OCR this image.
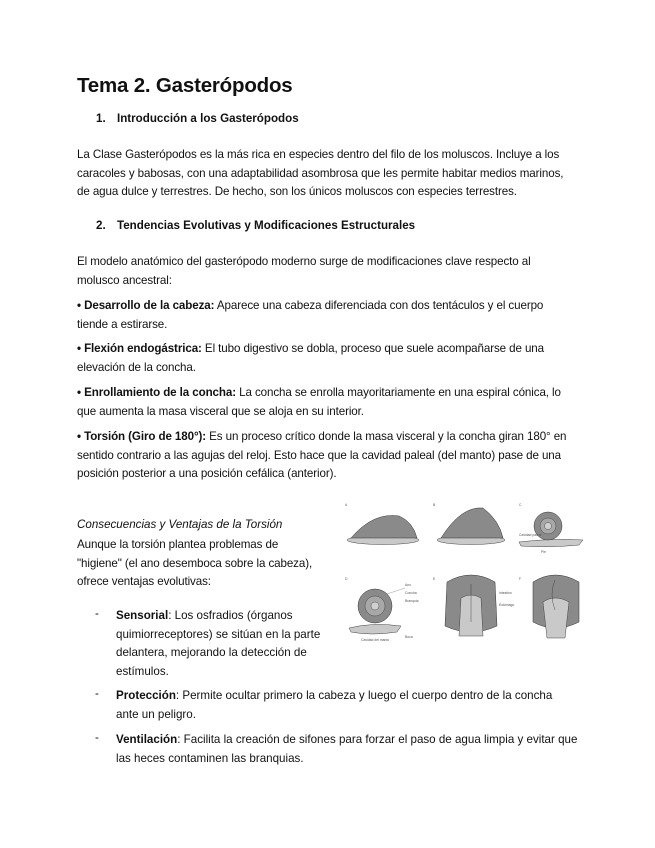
Tema 2. Gasterópodos
1. Introducción a los Gasterópodos
La Clase Gasterópodos es la más rica en especies dentro del filo de los moluscos. Incluye a los
caracoles y babosas, con una adaptabilidad asombrosa que les permite habitar medios marinos,
de agua dulce y terrestres. De hecho, son los únicos moluscos con especies terrestres.
2. Tendencias Evolutivas y Modificaciones Estructurales
El modelo anatómico del gasterópodo moderno surge de modificaciones clave respecto al
molusco ancestral:
• Desarrollo de la cabeza: Aparece una cabeza diferenciada con dos tentáculos y el cuerpo
tiende a estirarse.
• Flexión endogástrica: El tubo digestivo se dobla, proceso que suele acompañarse de una
elevación de la concha.
• Enrollamiento de la concha: La concha se enrolla mayoritariamente en una espiral cónica, lo
que aumenta la masa visceral que se aloja en su interior.
• Torsión (Giro de 180°): Es un proceso crítico donde la masa visceral y la concha giran 180° en
sentido contrario a las agujas del reloj. Esto hace que la cavidad paleal (del manto) pase de una
posición posterior a una posición cefálica (anterior).
Consecuencias y Ventajas de la Torsión
Aunque la torsión plantea problemas de
"higiene" (el ano desemboca sobre la cabeza),
ofrece ventajas evolutivas:
- Sensorial: Los osfradios (órganos
quimiorreceptores) se sitúan en la parte
delantera, mejorando la detección de
estímulos.
- Protección: Permite ocultar primero la cabeza y luego el cuerpo dentro de la concha
ante un peligro.
- Ventilación: Facilita la creación de sifones para forzar el paso de agua limpia y evitar que
las heces contaminen las branquias.
A	B	C
D	E	F
Cavidad paleal
Pie
Cavidad del manto
Ano
Concha
Branquia
Intestino
Estómago
Boca
